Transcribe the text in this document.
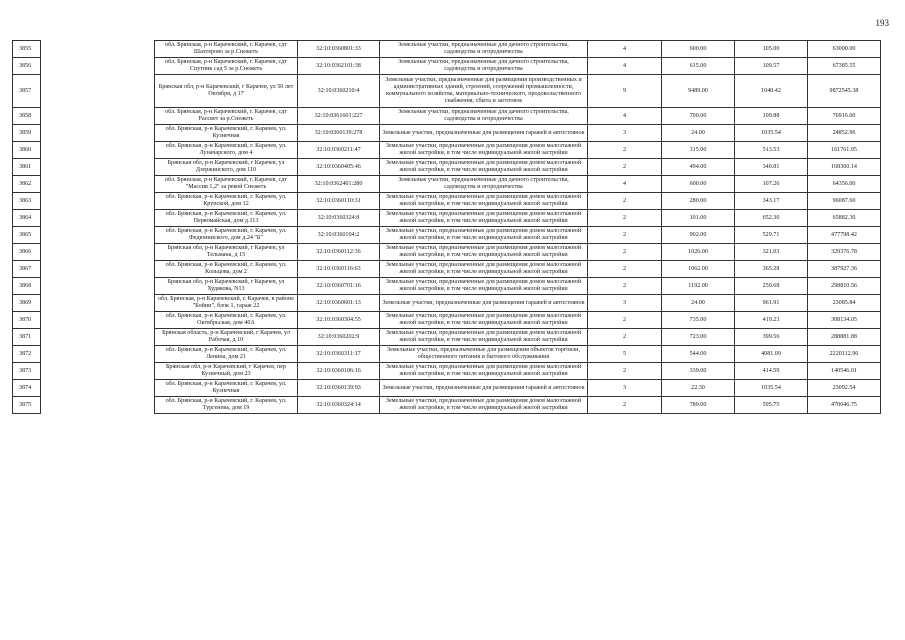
193
3855		обл. Брянская, р-н Карачевский, г. Карачев, сдт Шахтерово за р.Снежеть	32:10:0360801:33	Земельные участки, предназначенные для дачного строительства, садоводства и огородничества	4	600.00	105.00	63000.00
3856		обл. Брянская, р-н Карачевский, г. Карачев, сдт Спутник сад 5 за р.Снежеть	32:10:0362101:38	Земельные участки, предназначенные для дачного строительства, садоводства и огородничества	4	615.00	109.57	67385.55
3857		Брянская обл, р-н Карачевский, г Карачев, ул 50 лет Октября, д 17	32:10:0360210:4	Земельные участки, предназначенные для размещения производственных и административных зданий, строений, сооружений промышленности, коммунального хозяйства, материально-технического, продовольственного снабжения, сбыта и заготовок	9	9489.00	1040.42	9872545.38
3858		обл. Брянская, р-н Карачевский, г. Карачев, сдт Рассвет за р.Снежеть	32:10:0361601:227	Земельные участки, предназначенные для дачного строительства, садоводства и огородничества	4	700.00	109.88	76916.00
3859		обл. Брянская, р-н Карачевский, г. Карачев, ул. Кузнечная	32:10:0360139:278	Земельные участки, предназначенные для размещения гаражей и автостоянок	3	24.00	1035.54	24852.96
3860		обл. Брянская, р-н Карачевский, г. Карачев, ул. Луначарского, дом 4	32:10:0360211:47	Земельные участки, предназначенные для размещения домов малоэтажной жилой застройки, в том числе индивидуальной жилой застройки	2	315.00	513.53	161761.95
3861		Брянская обл, р-н Карачевский, г Карачев, ул Дзержинского, дом 110	32:10:0360405:46	Земельные участки, предназначенные для размещения домов малоэтажной жилой застройки, в том числе индивидуальной жилой застройки	2	494.00	340.81	168360.14
3862		обл. Брянская, р-н Карачевский, г. Карачев, сдт "Массив 1,2" за рекой Снежеть	32:10:0362401:280	Земельные участки, предназначенные для дачного строительства, садоводства и огородничества	4	600.00	107.26	64356.00
3863		обл. Брянская, р-н Карачевский, г. Карачев, ул. Крупской, дом 12	32:10:0360110:31	Земельные участки, предназначенные для размещения домов малоэтажной жилой застройки, в том числе индивидуальной жилой застройки	2	280.00	343.17	96087.60
3864		обл. Брянская, р-н Карачевский, г. Карачев, ул. Первомайская, дом д.113	32:10:0360324:8	Земельные участки, предназначенные для размещения домов малоэтажной жилой застройки, в том числе индивидуальной жилой застройки	2	101.00	652.30	65882.30
3865		обл. Брянская, р-н Карачевский, г. Карачев, ул. Федюнинского, дом д.24 "Б"	32:10:0360104:2	Земельные участки, предназначенные для размещения домов малоэтажной жилой застройки, в том числе индивидуальной жилой застройки	2	902.00	529.71	477798.42
3866		Брянская обл, р-н Карачевский, г Карачев, ул Тельмана, д 15	32:10:0360112:36	Земельные участки, предназначенные для размещения домов малоэтажной жилой застройки, в том числе индивидуальной жилой застройки	2	1026.00	321.03	329376.78
3867		обл. Брянская, р-н Карачевский, г. Карачев, ул. Кольцова, дом 2	32:10:0360116:63	Земельные участки, предназначенные для размещения домов малоэтажной жилой застройки, в том числе индивидуальной жилой застройки	2	1062.00	365.28	387927.36
3868		Брянская обл, р-н Карачевский, г Карачев, ул Худякова, N13	32:10:0360701:16	Земельные участки, предназначенные для размещения домов малоэтажной жилой застройки, в том числе индивидуальной жилой застройки	2	1192.00	250.68	298810.56
3869		обл. Брянская, р-н Карачевский, г. Карачев, в районе "Бойни", блок 1, гараж 22	32:10:0360601:13	Земельные участки, предназначенные для размещения гаражей и автостоянок	3	24.00	961.91	23085.84
3870		обл. Брянская, р-н Карачевский, г. Карачев, ул. Октябрьская, дом 40А	32:10:0360304:55	Земельные участки, предназначенные для размещения домов малоэтажной жилой застройки, в том числе индивидуальной жилой застройки	2	735.00	419.23	308134.05
3871		Брянская область, р-н Карачевский, г Карачев, ул Рабочая, д 10	32:10:0360202:9	Земельные участки, предназначенные для размещения домов малоэтажной жилой застройки, в том числе индивидуальной жилой застройки	2	723.00	399.56	288881.88
3872		обл. Брянская, р-н Карачевский, г. Карачев, ул. Ленина, дом 21	32:10:0360311:17	Земельные участки, предназначенные для размещения объектов торговли, общественного питания и бытового обслуживания	5	544.00	4081.09	2220112.96
3873		Брянская обл, р-н Карачевский, г Карачев, пер Кузнечный, дом 23	32:10:0360106:16	Земельные участки, предназначенные для размещения домов малоэтажной жилой застройки, в том числе индивидуальной жилой застройки	2	339.00	414.59	140546.01
3874		обл. Брянская, р-н Карачевский, г. Карачев, ул. Кузнечная	32:10:0360139:93	Земельные участки, предназначенные для размещения гаражей и автостоянок	3	22.30	1035.54	23092.54
3875		обл. Брянская, р-н Карачевский, г. Карачев, ул. Тургенева, дом 19	32:10:0360324:14	Земельные участки, предназначенные для размещения домов малоэтажной жилой застройки, в том числе индивидуальной жилой застройки	2	789.00	595.75	470046.75
